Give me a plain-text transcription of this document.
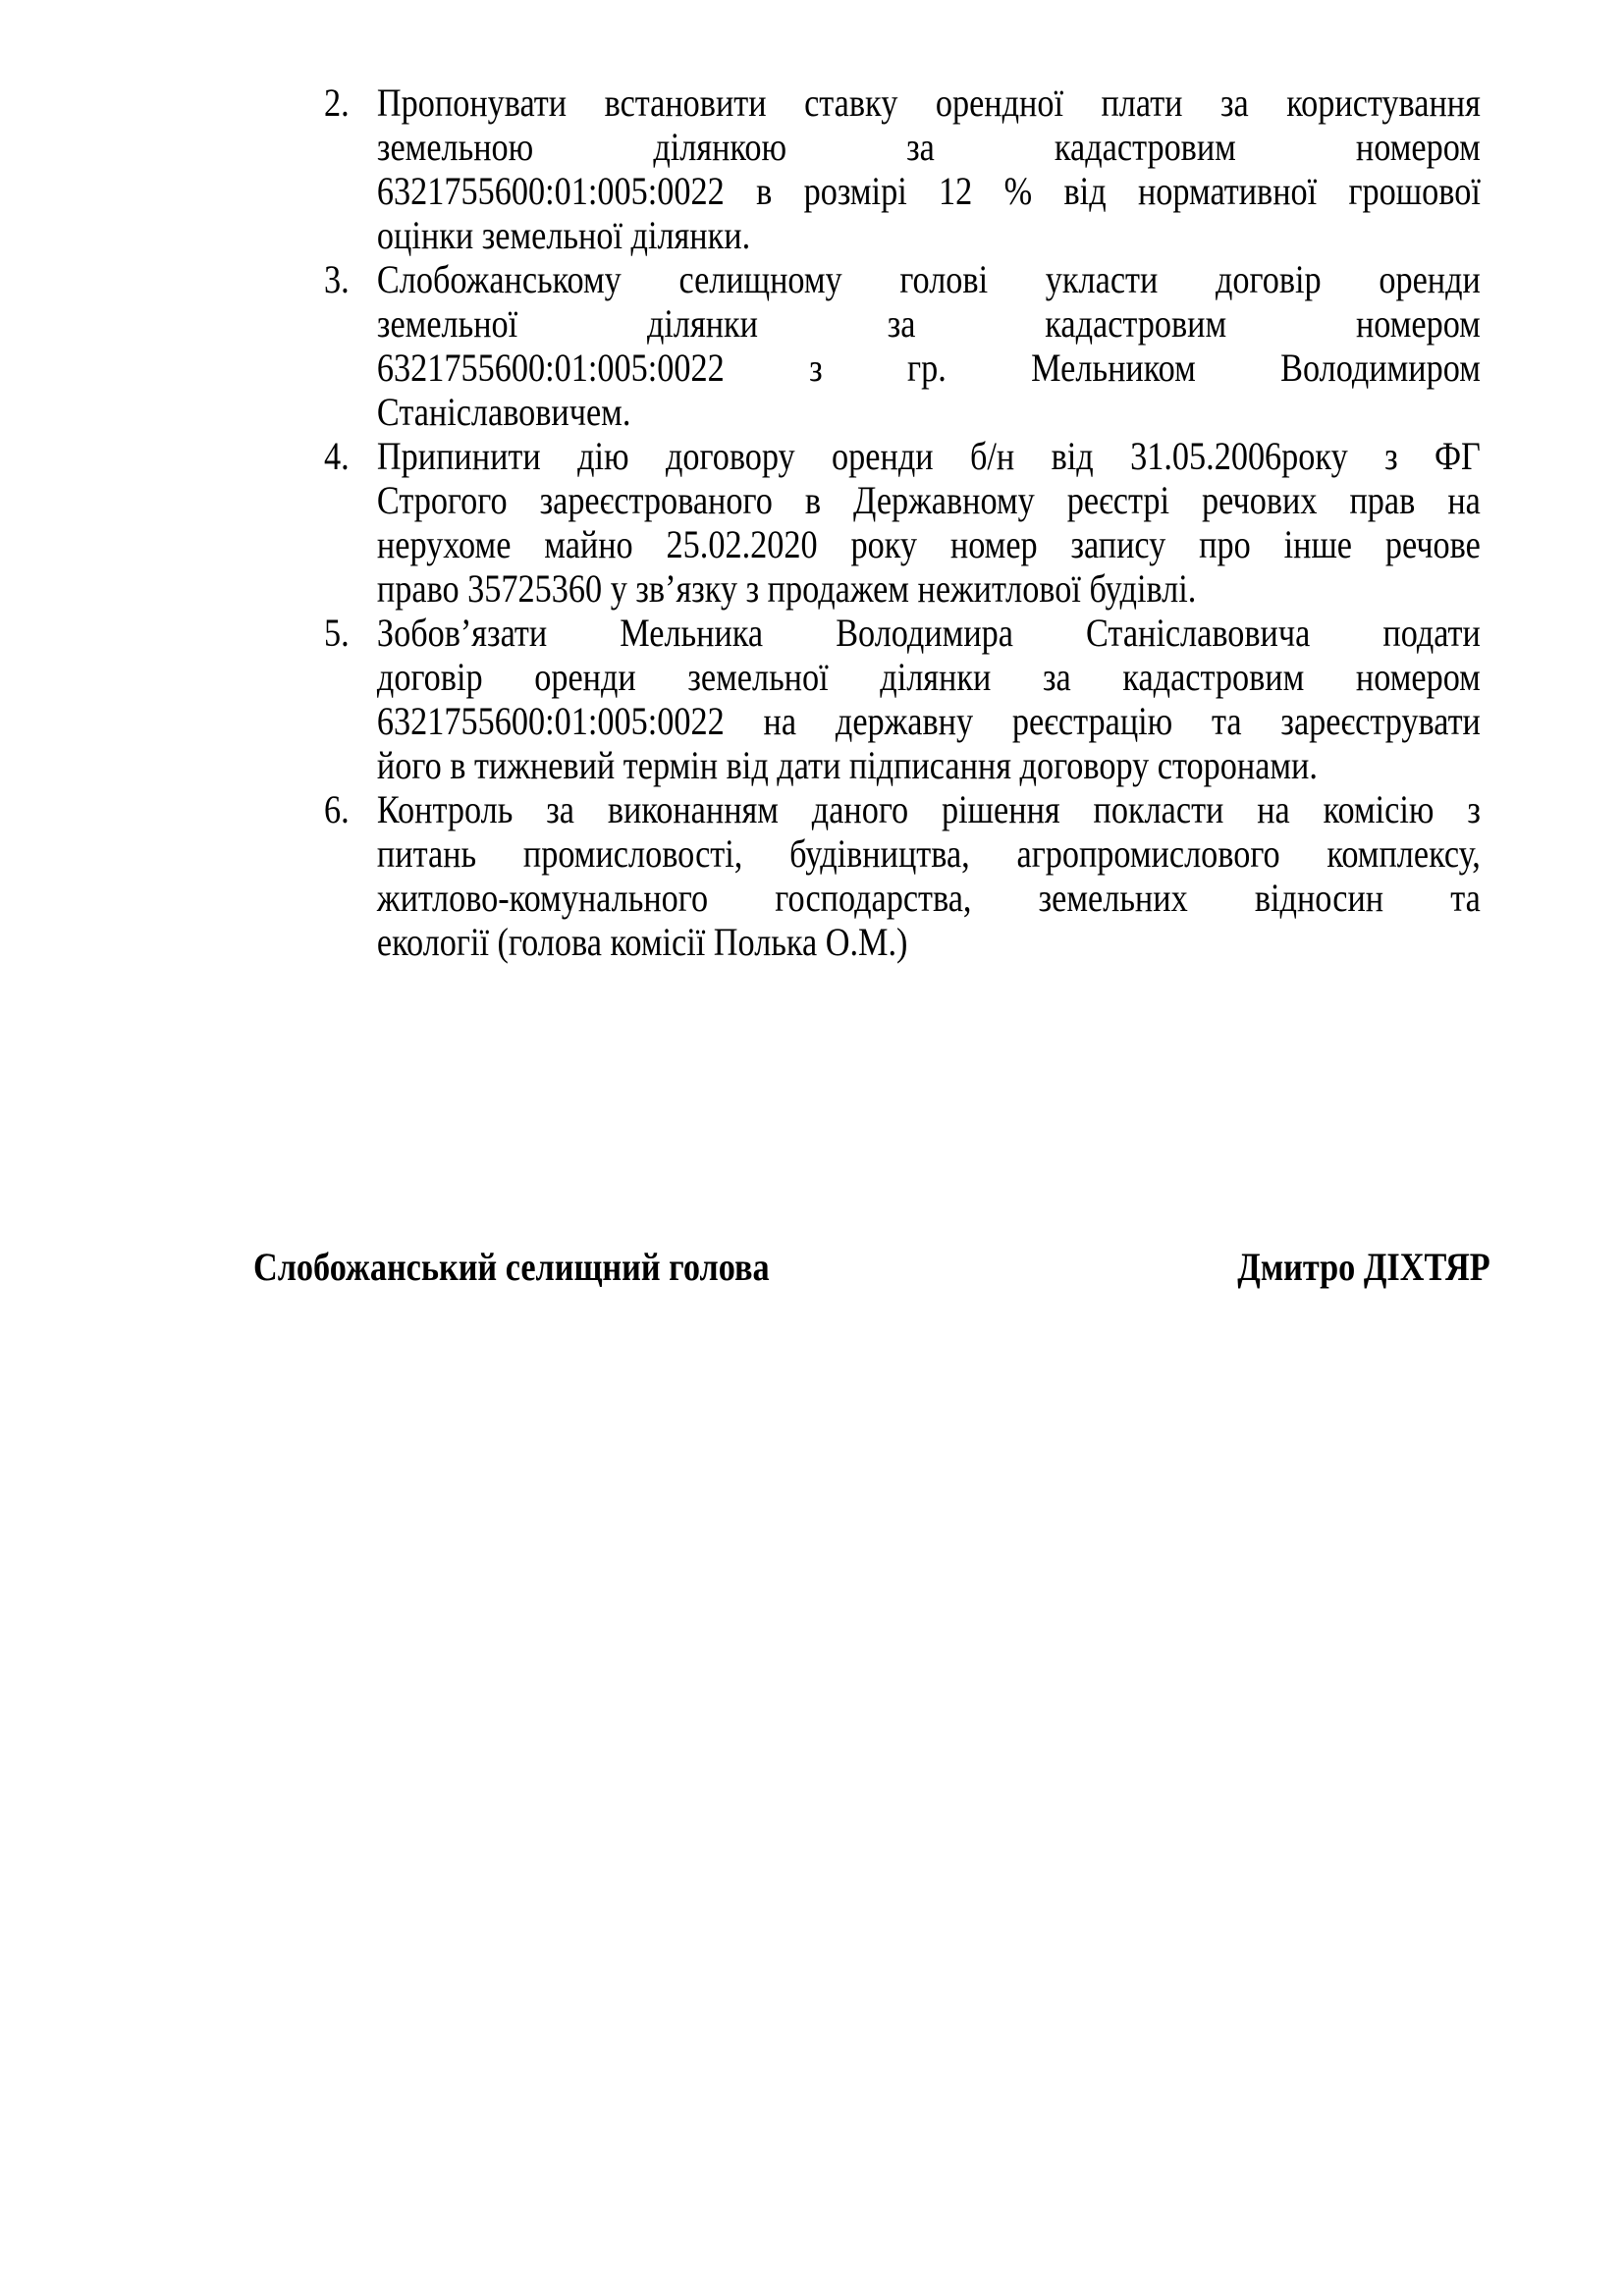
2. Пропонувати встановити ставку орендної плати за користування
земельною ділянкою за кадастровим номером
6321755600:01:005:0022 в розмірі 12 % від нормативної грошової
оцінки земельної ділянки.
3. Слобожанському селищному голові укласти договір оренди
земельної ділянки за кадастровим номером
6321755600:01:005:0022 з гр. Мельником Володимиром
Станіславовичем.
4. Припинити дію договору оренди б/н від 31.05.2006року з ФГ
Строгого зареєстрованого в Державному реєстрі речових прав на
нерухоме майно 25.02.2020 року номер запису про інше речове
право 35725360 у зв’язку з продажем нежитлової будівлі.
5. Зобов’язати Мельника Володимира Станіславовича подати
договір оренди земельної ділянки за кадастровим номером
6321755600:01:005:0022 на державну реєстрацію та зареєструвати
його в тижневий термін від дати підписання договору сторонами.
6. Контроль за виконанням даного рішення покласти на комісію з
питань промисловості, будівництва, агропромислового комплексу,
житлово-комунального господарства, земельних відносин та
екології (голова комісії Полька О.М.)
Слобожанський селищний голова	Дмитро ДІХТЯР
